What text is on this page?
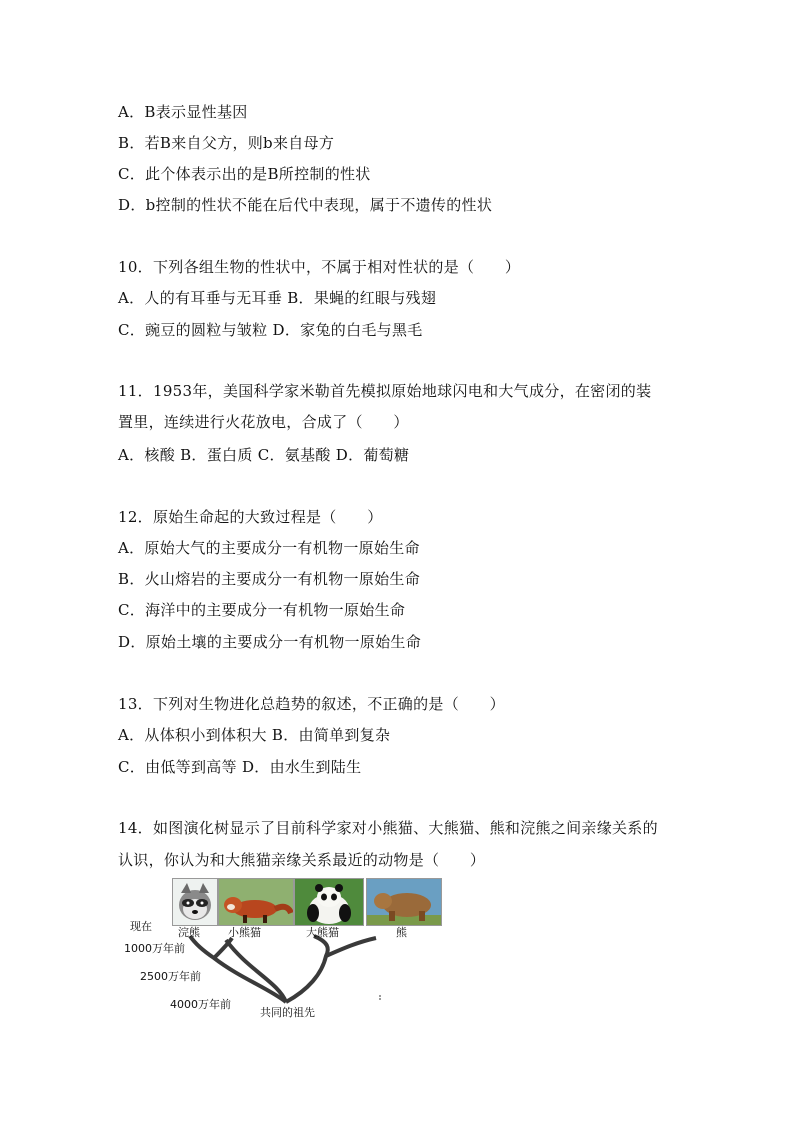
A．B表示显性基因
B．若B来自父方，则b来自母方
C．此个体表示出的是B所控制的性状
D．b控制的性状不能在后代中表现，属于不遗传的性状
10．下列各组生物的性状中，不属于相对性状的是（　　）
A．人的有耳垂与无耳垂 B．果蝇的红眼与残翅
C．豌豆的圆粒与皱粒 D．家兔的白毛与黑毛
11．1953年，美国科学家米勒首先模拟原始地球闪电和大气成分，在密闭的装
置里，连续进行火花放电，合成了（　　）
A．核酸 B．蛋白质 C．氨基酸 D．葡萄糖
12．原始生命起的大致过程是（　　）
A．原始大气的主要成分一有机物一原始生命
B．火山熔岩的主要成分一有机物一原始生命
C．海洋中的主要成分一有机物一原始生命
D．原始土壤的主要成分一有机物一原始生命
13．下列对生物进化总趋势的叙述，不正确的是（　　）
A．从体积小到体积大 B．由简单到复杂
C．由低等到高等 D．由水生到陆生
14．如图演化树显示了目前科学家对小熊猫、大熊猫、熊和浣熊之间亲缘关系的
认识，你认为和大熊猫亲缘关系最近的动物是（　　）
现在 浣熊	小熊猫	大熊猫	熊
1000万年前
2500万年前
4000万年前
共同的祖先
